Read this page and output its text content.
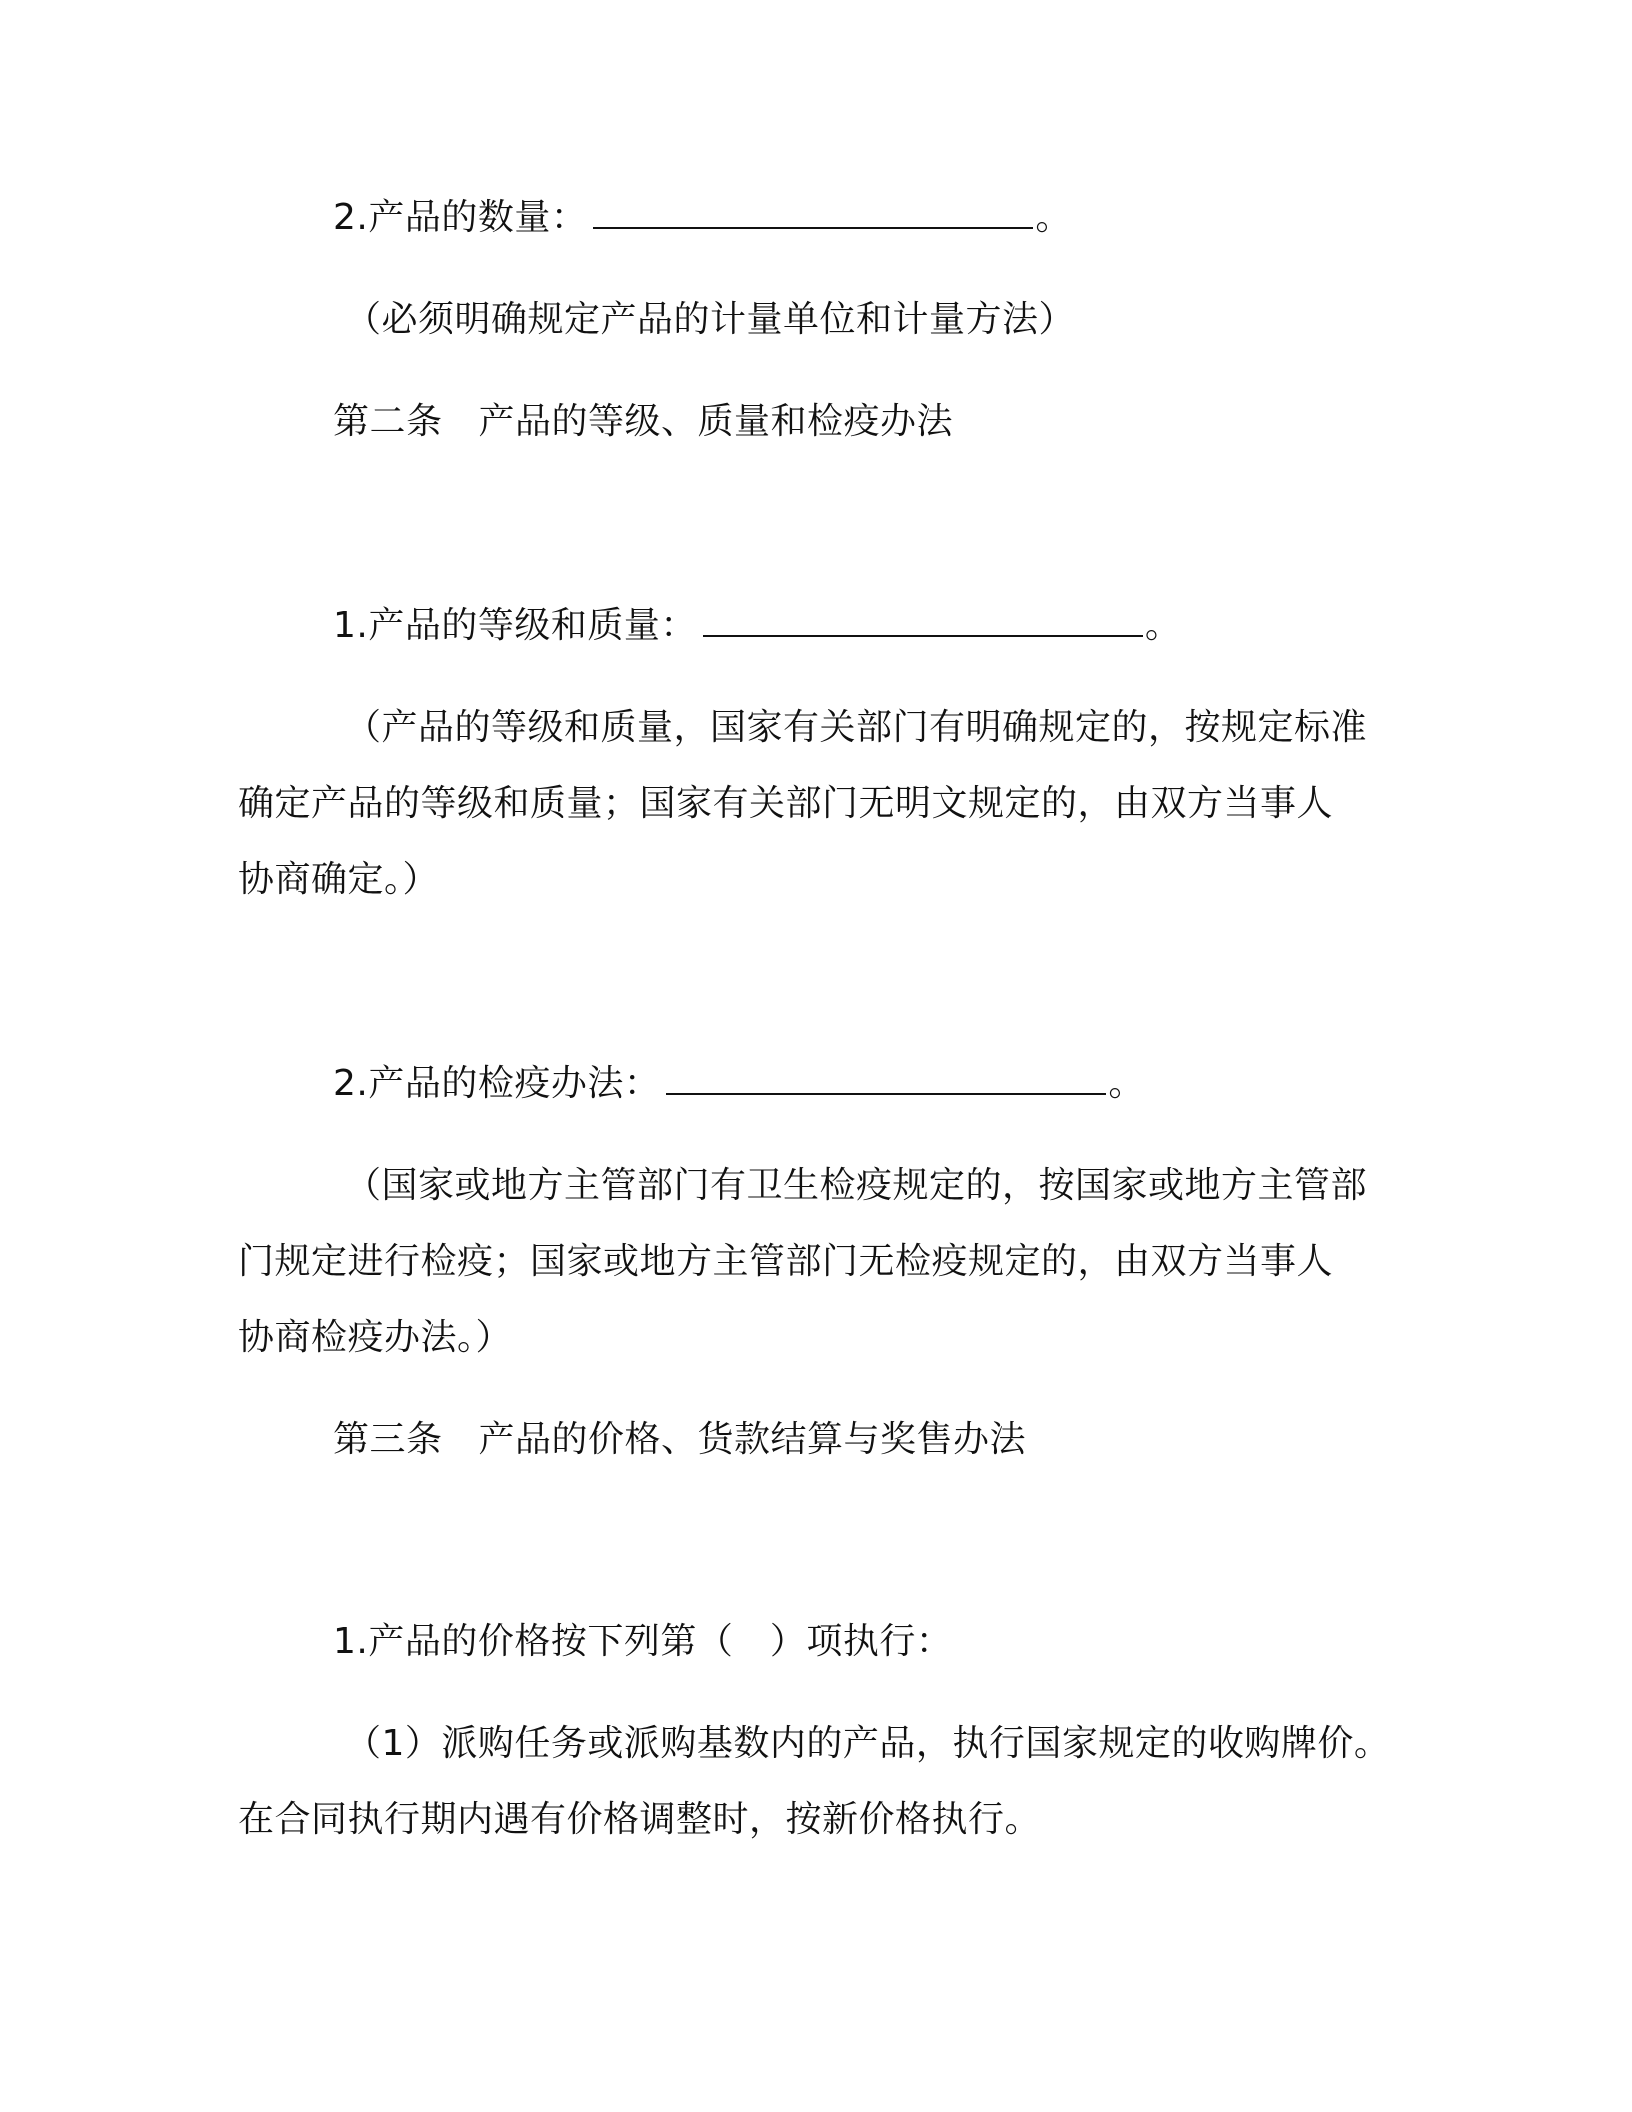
2.产品的数量：	。
（必须明确规定产品的计量单位和计量方法）
第二条 产品的等级、质量和检疫办法
1.产品的等级和质量：	。
（产品的等级和质量，国家有关部门有明确规定的，按规定标准
确定产品的等级和质量；国家有关部门无明文规定的，由双方当事人
协商确定。）
2.产品的检疫办法：	。
（国家或地方主管部门有卫生检疫规定的，按国家或地方主管部
门规定进行检疫；国家或地方主管部门无检疫规定的，由双方当事人
协商检疫办法。）
第三条 产品的价格、货款结算与奖售办法
1.产品的价格按下列第（　）项执行：
（1）派购任务或派购基数内的产品，执行国家规定的收购牌价。
在合同执行期内遇有价格调整时，按新价格执行。
